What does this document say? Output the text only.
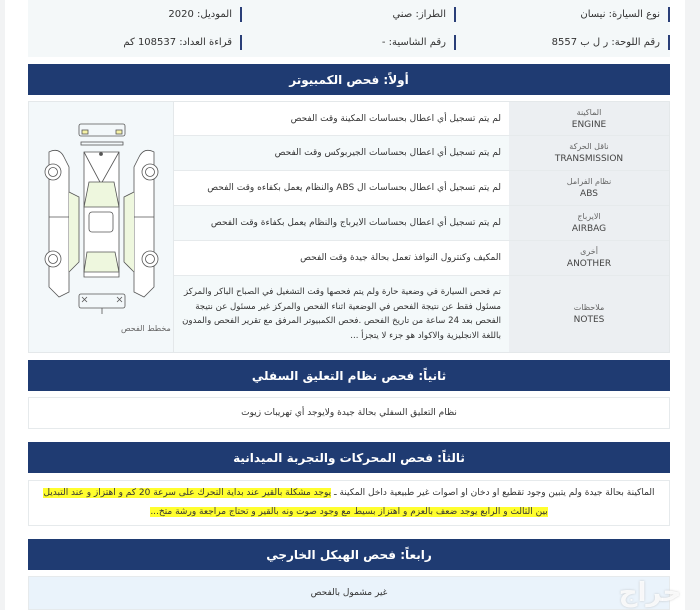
نوع السيارة: نيسان
الطراز: صني
الموديل: 2020
رقم اللوحة: ر ل ب 8557
رقم الشاسية: -
قراءة العداد: 108537 كم
أولاً: فحص الكمبيوتر
مخطط الفحص
لم يتم تسجيل أي اعطال بحساسات المكينة وقت الفحص
الماكينة
ENGINE
لم يتم تسجيل أي اعطال بحساسات الجيربوكس وقت الفحص
ناقل الحركة
TRANSMISSION
لم يتم تسجيل أي اعطال بحساسات ال ABS والنظام يعمل بكفاءه وقت الفحص
نظام الفرامل
ABS
لم يتم تسجيل أي اعطال بحساسات الايرباج والنظام يعمل بكفاءة وقت الفحص
الايرباج
AIRBAG
المكيف وكنترول النوافذ تعمل بحالة جيدة وقت الفحص
أخرى
ANOTHER
تم فحص السيارة في وضعية حارة ولم يتم فحصها وقت التشغيل في الصباح الباكر والمركز مسئول فقط عن نتيجة الفحص في الوضعية اثناء الفحص والمركز غير مسئول عن نتيجة الفحص بعد 24 ساعة من تاريخ الفحص .فحص الكمبيوتر المرفق مع تقرير الفحص والمدون باللغة الانجليزية والاكواد هو جزء لا يتجزأ ...
ملاحظات
NOTES
ثانياً: فحص نظام التعليق السفلي
نظام التعليق السفلي بحالة جيدة ولايوجد أي تهريبات زيوت
ثالثاً: فحص المحركات والتجربة الميدانية

الماكينة بحالة جيدة ولم يتبين وجود تقطيع او دخان او اصوات غير طبيعية داخل المكينة ـ يوجد مشكلة بالقير عند بداية التحرك على سرعة 20 كم و اهتزاز و عند التبديل بين الثالث و الرابع يوجد ضعف بالعزم و اهتزاز بسيط مع وجود صوت ونه بالقير و تحتاج مراجعة ورشة متخ...

رابعاً: فحص الهيكل الخارجي
غير مشمول بالفحص	حراج
